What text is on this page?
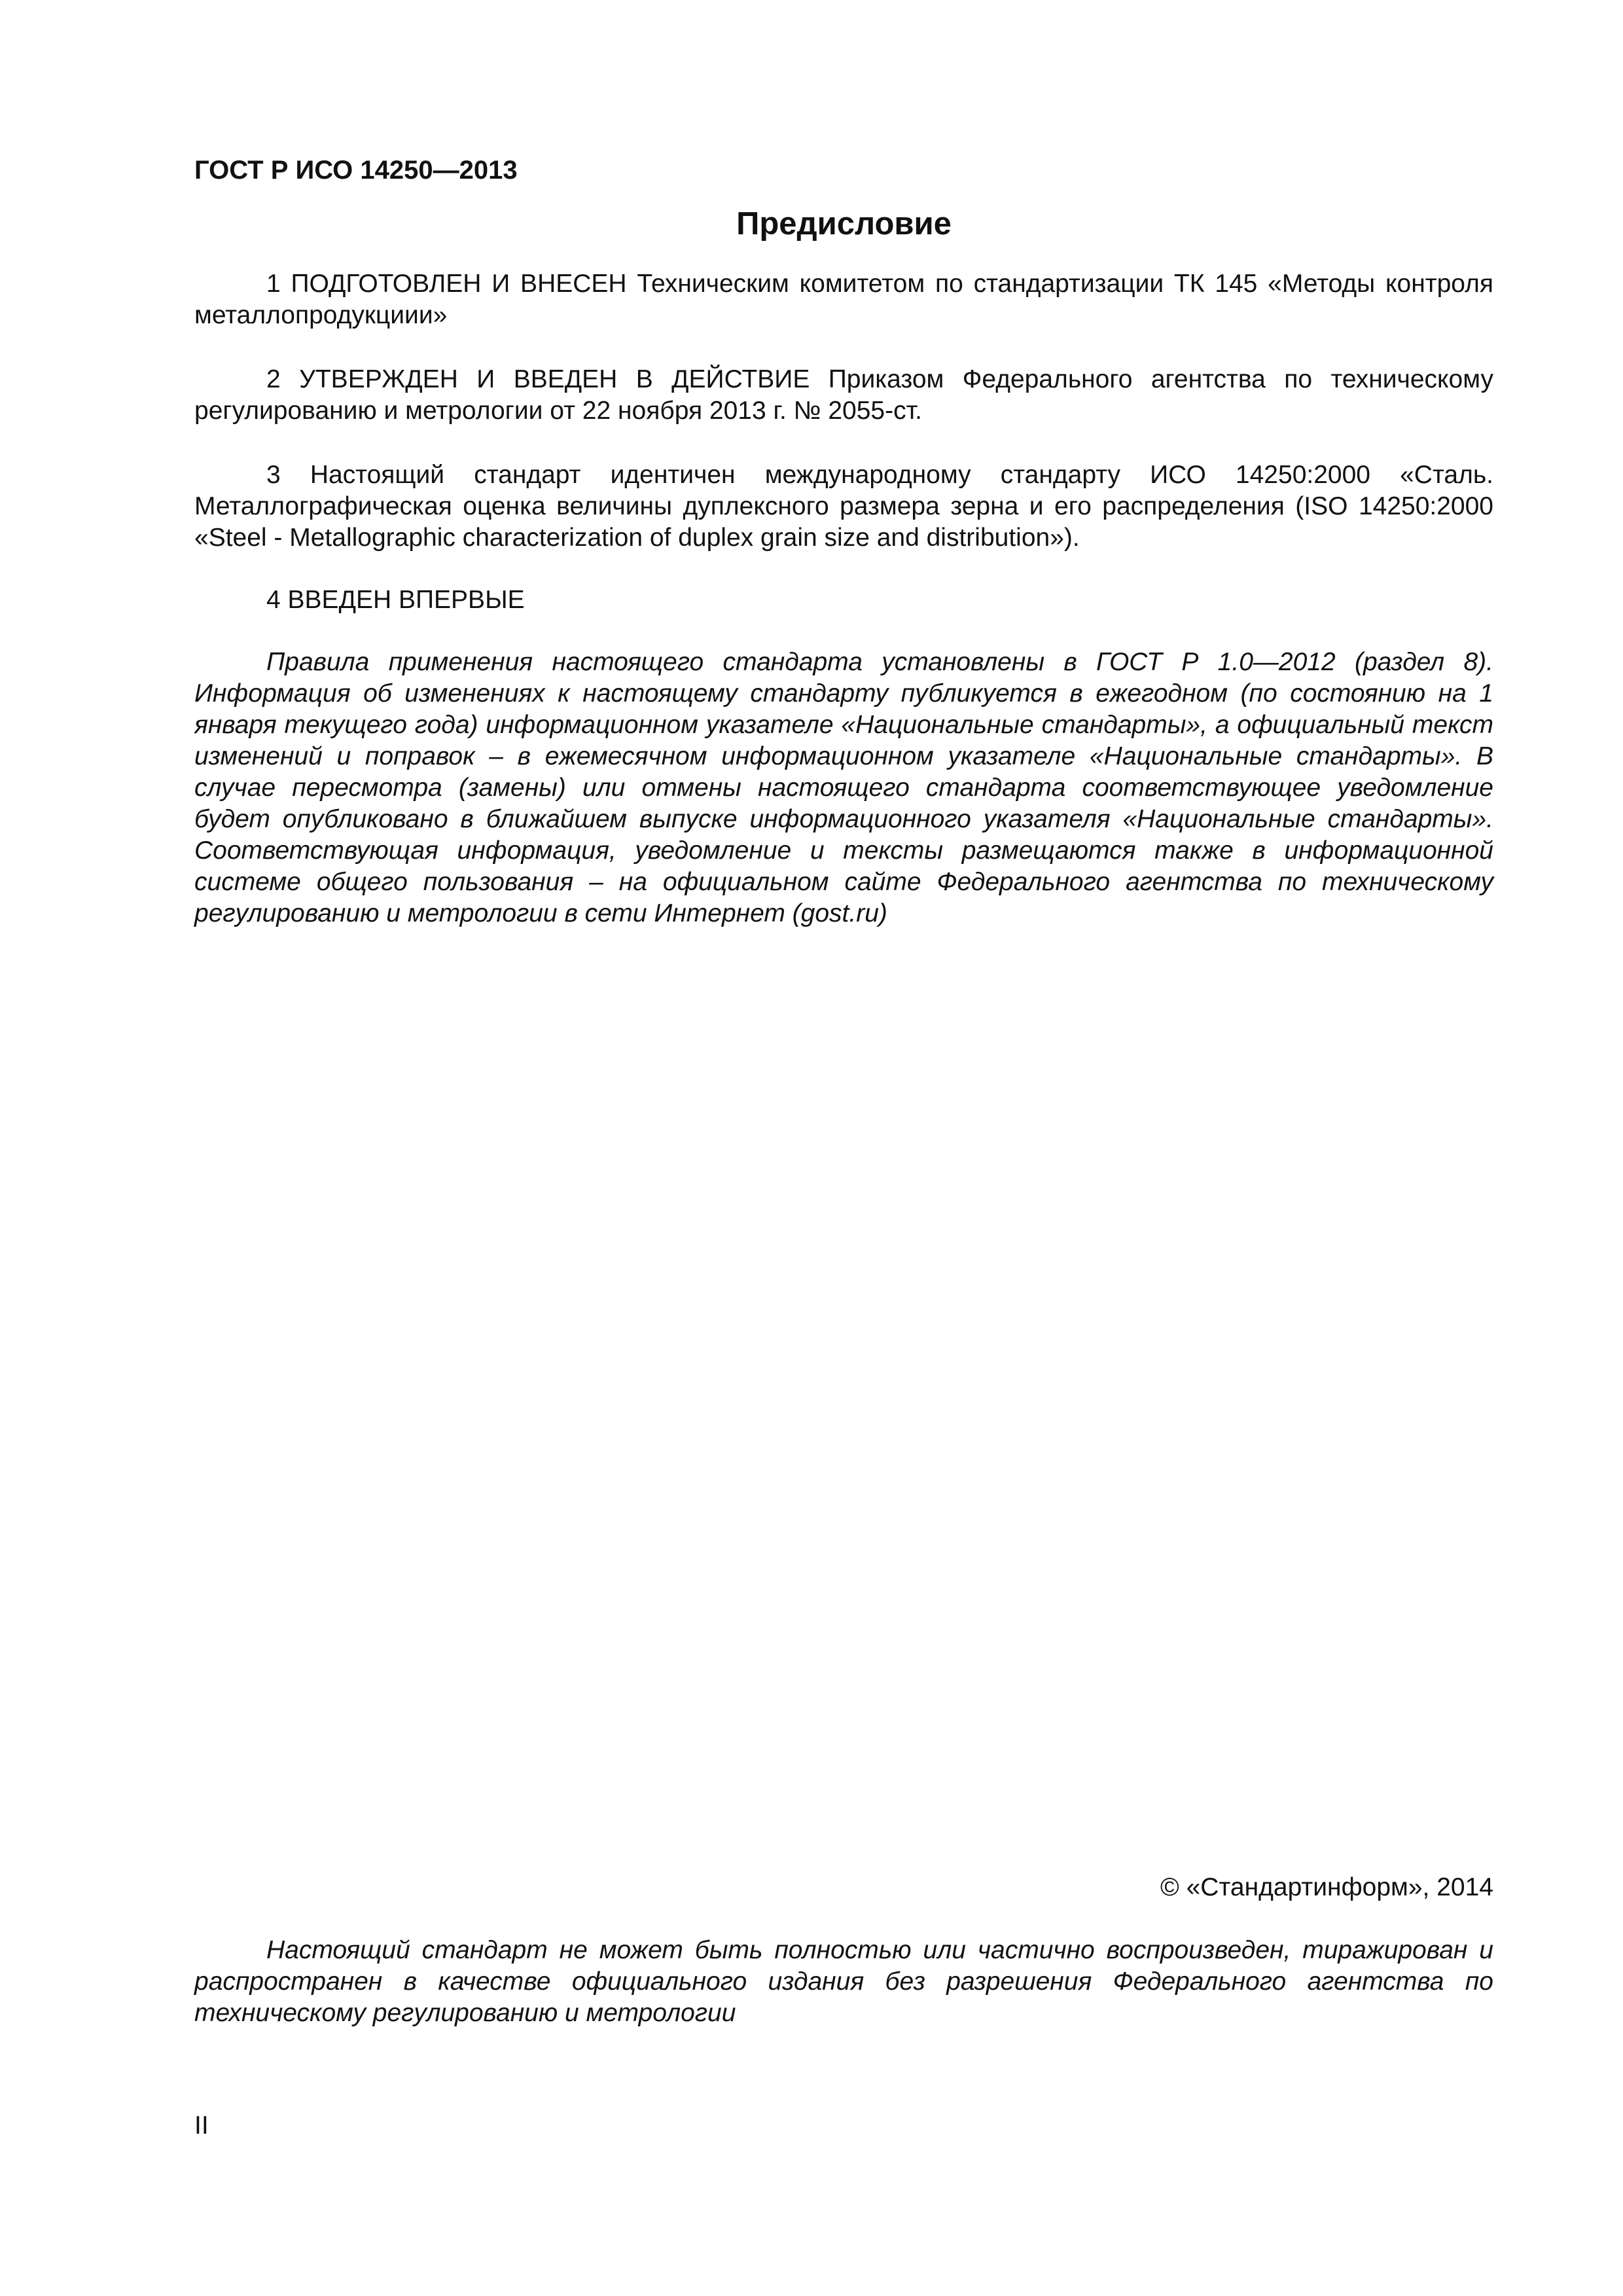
ГОСТ Р ИСО 14250—2013

Предисловие

1 ПОДГОТОВЛЕН И ВНЕСЕН Техническим комитетом по стандартизации ТК 145 «Методы контроля металлопродукциии»

2 УТВЕРЖДЕН И ВВЕДЕН В ДЕЙСТВИЕ Приказом Федерального агентства по техническому регулированию и метрологии от 22 ноября 2013 г. № 2055-ст.

3 Настоящий стандарт идентичен международному стандарту ИСО 14250:2000 «Сталь. Металлографическая оценка величины дуплексного размера зерна и его распределения (ISO 14250:2000 «Steel - Metallographic characterization of duplex grain size and distribution»).

4 ВВЕДЕН ВПЕРВЫЕ

Правила применения настоящего стандарта установлены в ГОСТ Р 1.0—2012 (раздел 8). Информация об изменениях к настоящему стандарту публикуется в ежегодном (по состоянию на 1 января текущего года) информационном указателе «Национальные стандарты», а официальный текст изменений и поправок – в ежемесячном информационном указателе «Национальные стандарты». В случае пересмотра (замены) или отмены настоящего стандарта соответствующее уведомление будет опубликовано в ближайшем выпуске информационного указателя «Национальные стандарты». Соответствующая информация, уведомление и тексты размещаются также в информационной системе общего пользования – на официальном сайте Федерального агентства по техническому регулированию и метрологии в сети Интернет (gost.ru)

© «Стандартинформ», 2014

Настоящий стандарт не может быть полностью или частично воспроизведен, тиражирован и распространен в качестве официального издания без разрешения Федерального агентства по техническому регулированию и метрологии

II
